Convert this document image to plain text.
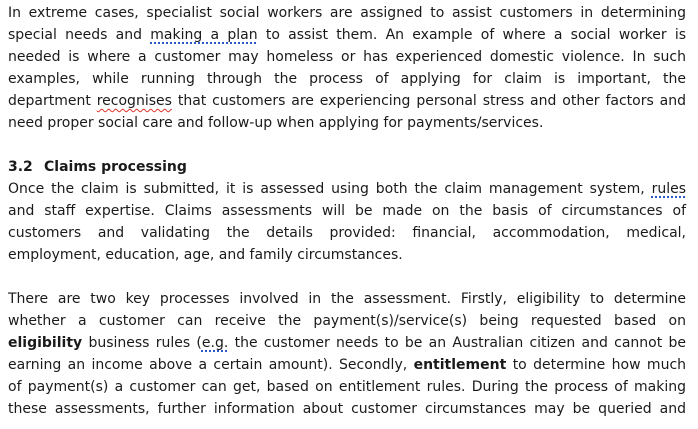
In extreme cases, specialist social workers are assigned to assist customers in determining
special needs and making a plan to assist them. An example of where a social worker is
needed is where a customer may homeless or has experienced domestic violence. In such
examples, while running through the process of applying for claim is important, the
department recognises that customers are experiencing personal stress and other factors and
need proper social care and follow-up when applying for payments/services.
3.2 Claims processing
Once the claim is submitted, it is assessed using both the claim management system, rules
and staff expertise. Claims assessments will be made on the basis of circumstances of
customers and validating the details provided: financial, accommodation, medical,
employment, education, age, and family circumstances.
There are two key processes involved in the assessment. Firstly, eligibility to determine
whether a customer can receive the payment(s)/service(s) being requested based on
eligibility business rules (e.g. the customer needs to be an Australian citizen and cannot be
earning an income above a certain amount). Secondly, entitlement to determine how much
of payment(s) a customer can get, based on entitlement rules. During the process of making
these assessments, further information about customer circumstances may be queried and
